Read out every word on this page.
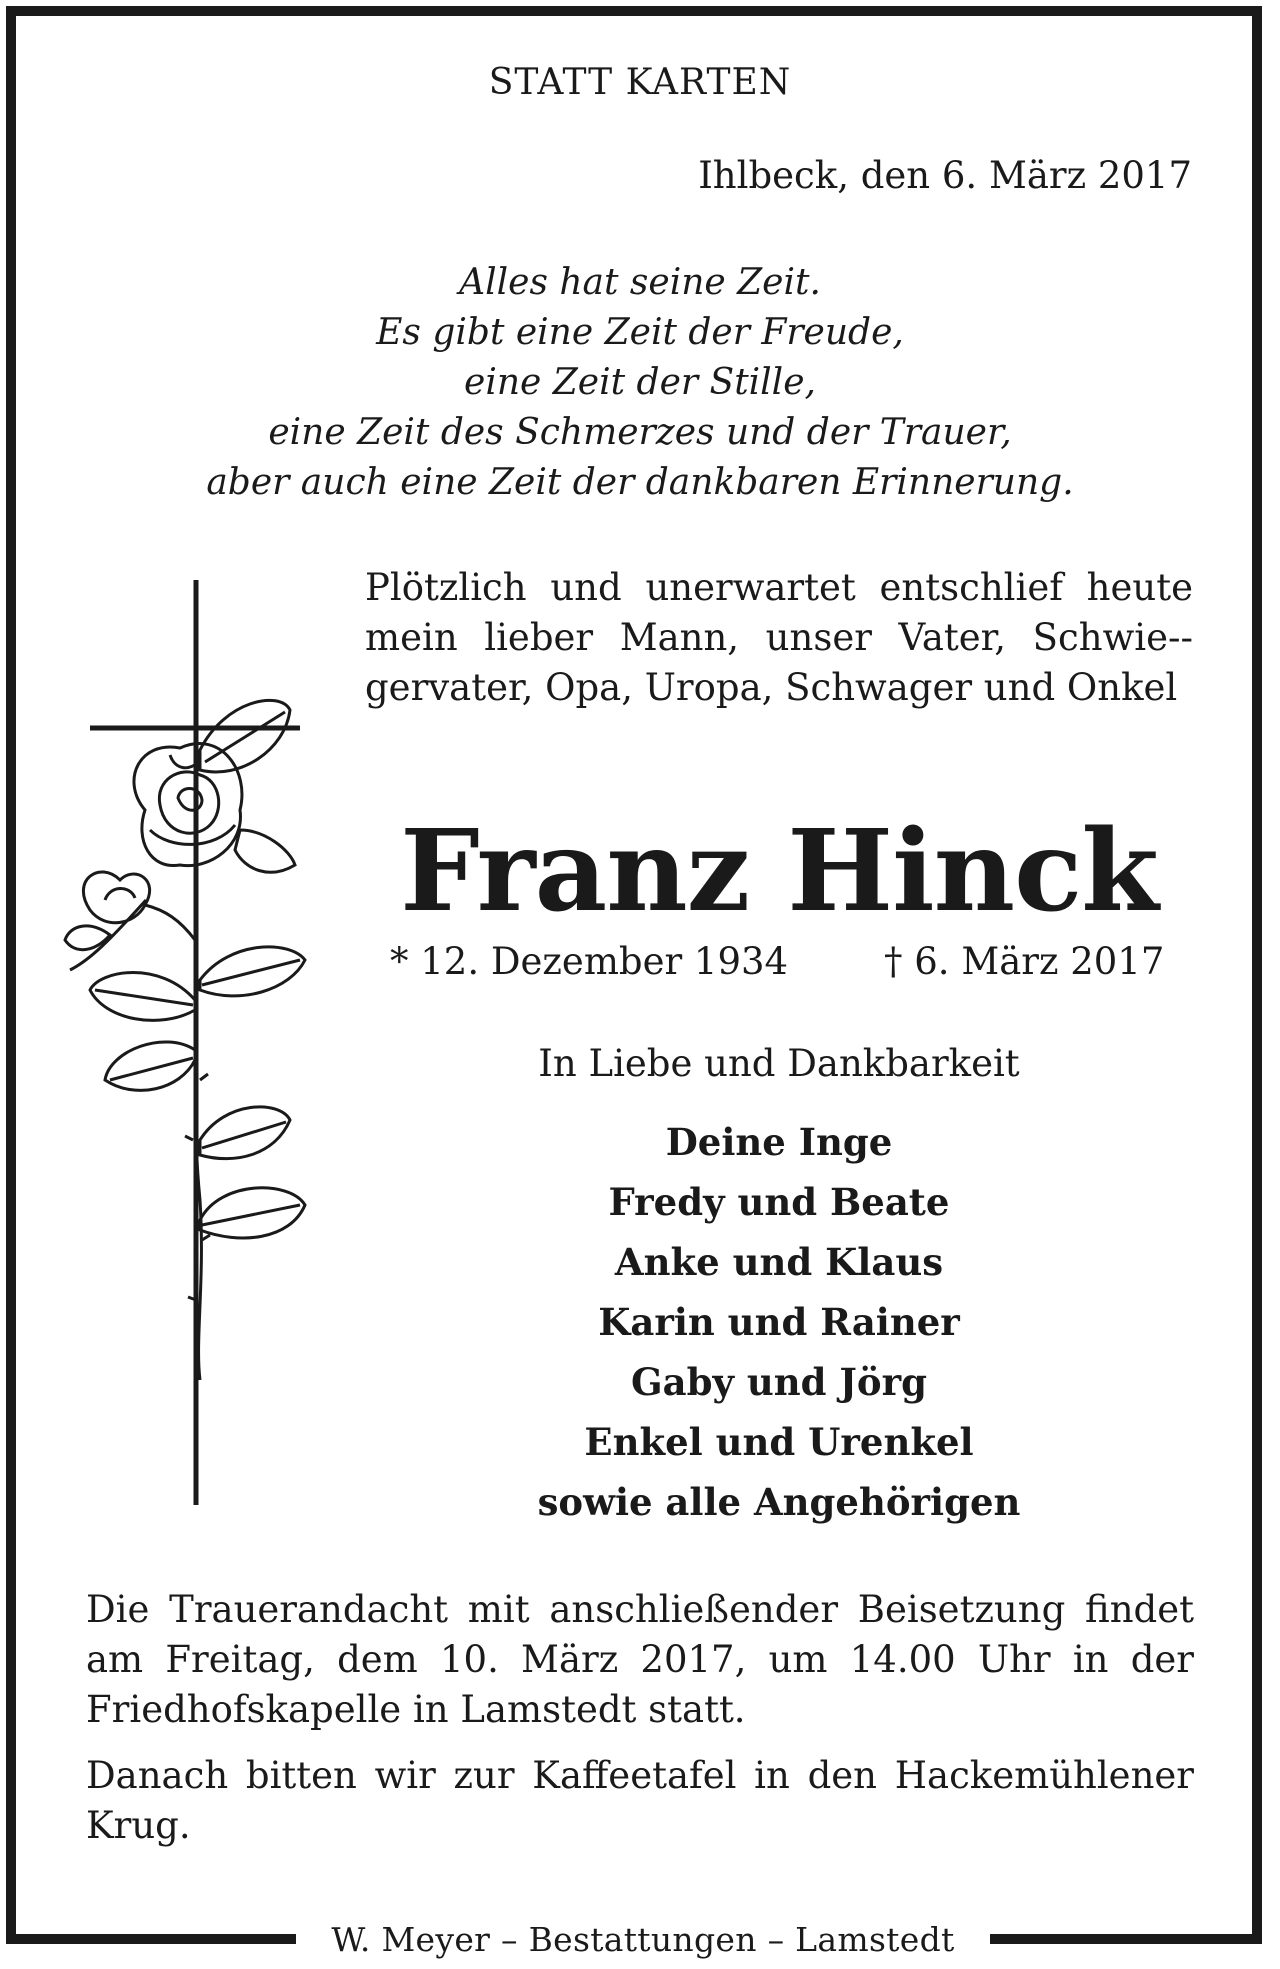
W. Meyer – Bestattungen – Lamstedt
STATT KARTEN
Ihlbeck, den 6. März 2017
Alles hat seine Zeit.
Es gibt eine Zeit der Freude,
eine Zeit der Stille,
eine Zeit des Schmerzes und der Trauer,
aber auch eine Zeit der dankbaren Erinnerung.
Plötzlich und unerwartet entschlief heute mein lieber Mann, unser Vater, Schwie-gervater, Opa, Uropa, Schwager und Onkel
Franz Hinck
* 12. Dezember 1934	† 6. März 2017
In Liebe und Dankbarkeit
Deine Inge
Fredy und Beate
Anke und Klaus
Karin und Rainer
Gaby und Jörg
Enkel und Urenkel
sowie alle Angehörigen

Die Trauerandacht mit anschließender Beisetzung findet am Freitag, dem 10. März 2017, um 14.00 Uhr in der Friedhofskapelle in Lamstedt statt.

Danach bitten wir zur Kaffeetafel in den Hackemühlener Krug.
